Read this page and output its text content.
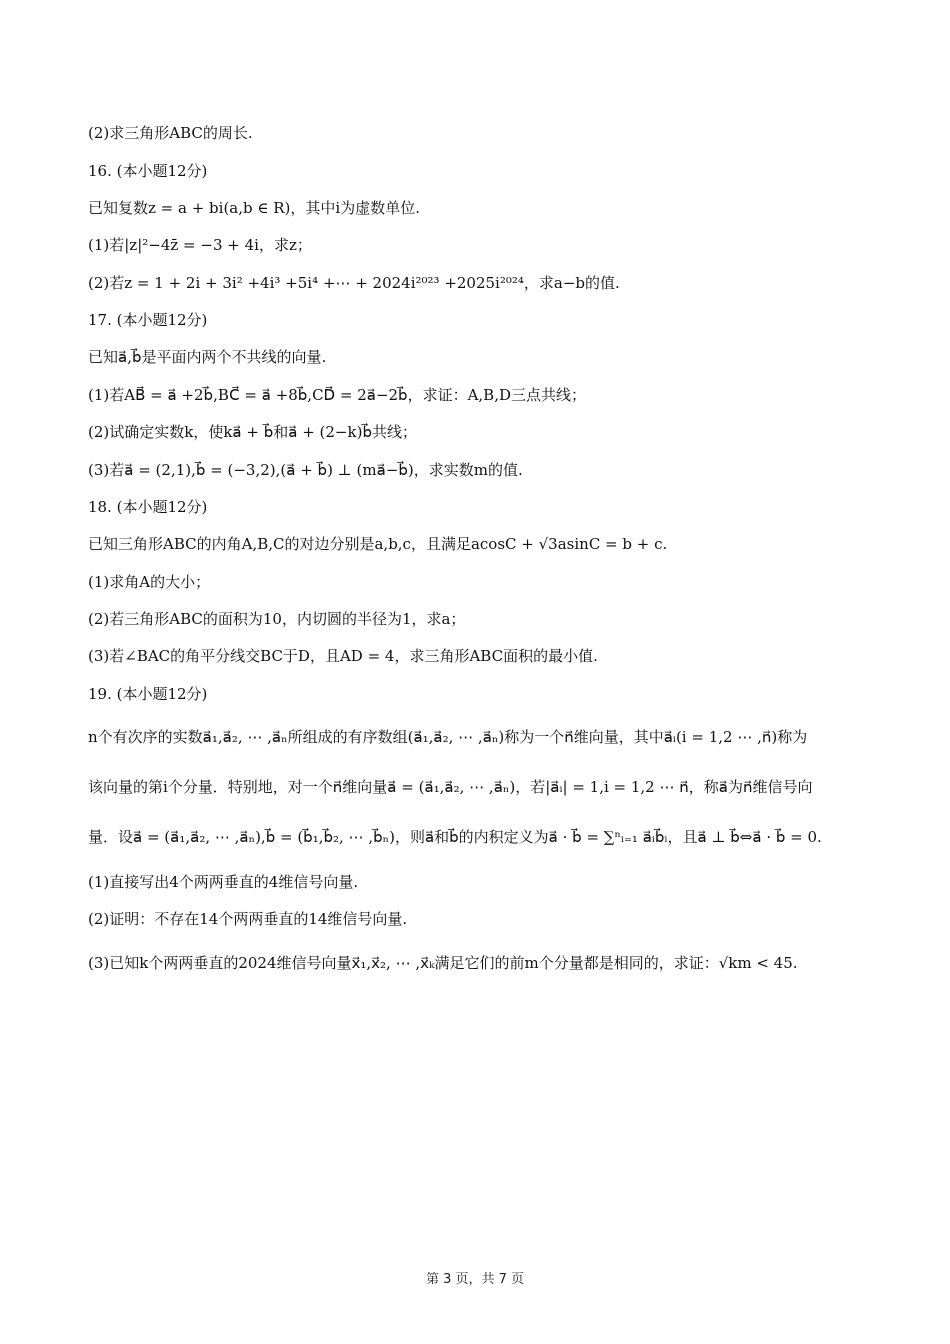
(2)求三角形ABC的周长.
16. (本小题12分)
已知复数z = a + bi(a,b ∈ R)，其中i为虚数单位.
(1)若|z|²−4z̄ = −3 + 4i，求z；
(2)若z = 1 + 2i + 3i² +4i³ +5i⁴ +⋯ + 2024i²⁰²³ +2025i²⁰²⁴，求a−b的值.
17. (本小题12分)
已知a⃗,b⃗是平面内两个不共线的向量.
(1)若AB⃗ = a⃗ +2b⃗,BC⃗ = a⃗ +8b⃗,CD⃗ = 2a⃗−2b⃗，求证：A,B,D三点共线；
(2)试确定实数k，使ka⃗ + b⃗和a⃗ + (2−k)b⃗共线；
(3)若a⃗ = (2,1),b⃗ = (−3,2),(a⃗ + b⃗) ⊥ (ma⃗−b⃗)，求实数m的值.
18. (本小题12分)
已知三角形ABC的内角A,B,C的对边分别是a,b,c，且满足acosC + √3asinC = b + c.
(1)求角A的大小；
(2)若三角形ABC的面积为10，内切圆的半径为1，求a；
(3)若∠BAC的角平分线交BC于D，且AD = 4，求三角形ABC面积的最小值.
19. (本小题12分)
n个有次序的实数a⃗₁,a⃗₂, ⋯ ,a⃗ₙ所组成的有序数组(a⃗₁,a⃗₂, ⋯ ,a⃗ₙ)称为一个n⃗维向量，其中a⃗ᵢ(i = 1,2 ⋯ ,n⃗)称为
该向量的第i个分量．特别地，对一个n⃗维向量a⃗ = (a⃗₁,a⃗₂, ⋯ ,a⃗ₙ)，若|a⃗ᵢ| = 1,i = 1,2 ⋯ n⃗，称a⃗为n⃗维信号向
量．设a⃗ = (a⃗₁,a⃗₂, ⋯ ,a⃗ₙ),b⃗ = (b⃗₁,b⃗₂, ⋯ ,b⃗ₙ)，则a⃗和b⃗的内积定义为a⃗ · b⃗ = ∑ⁿᵢ₌₁ a⃗ᵢb⃗ᵢ，且a⃗ ⊥ b⃗⇔a⃗ · b⃗ = 0.
(1)直接写出4个两两垂直的4维信号向量.
(2)证明：不存在14个两两垂直的14维信号向量.
(3)已知k个两两垂直的2024维信号向量x⃗₁,x⃗₂, ⋯ ,x⃗ₖ满足它们的前m个分量都是相同的，求证：√km < 45.
第 3 页，共 7 页
